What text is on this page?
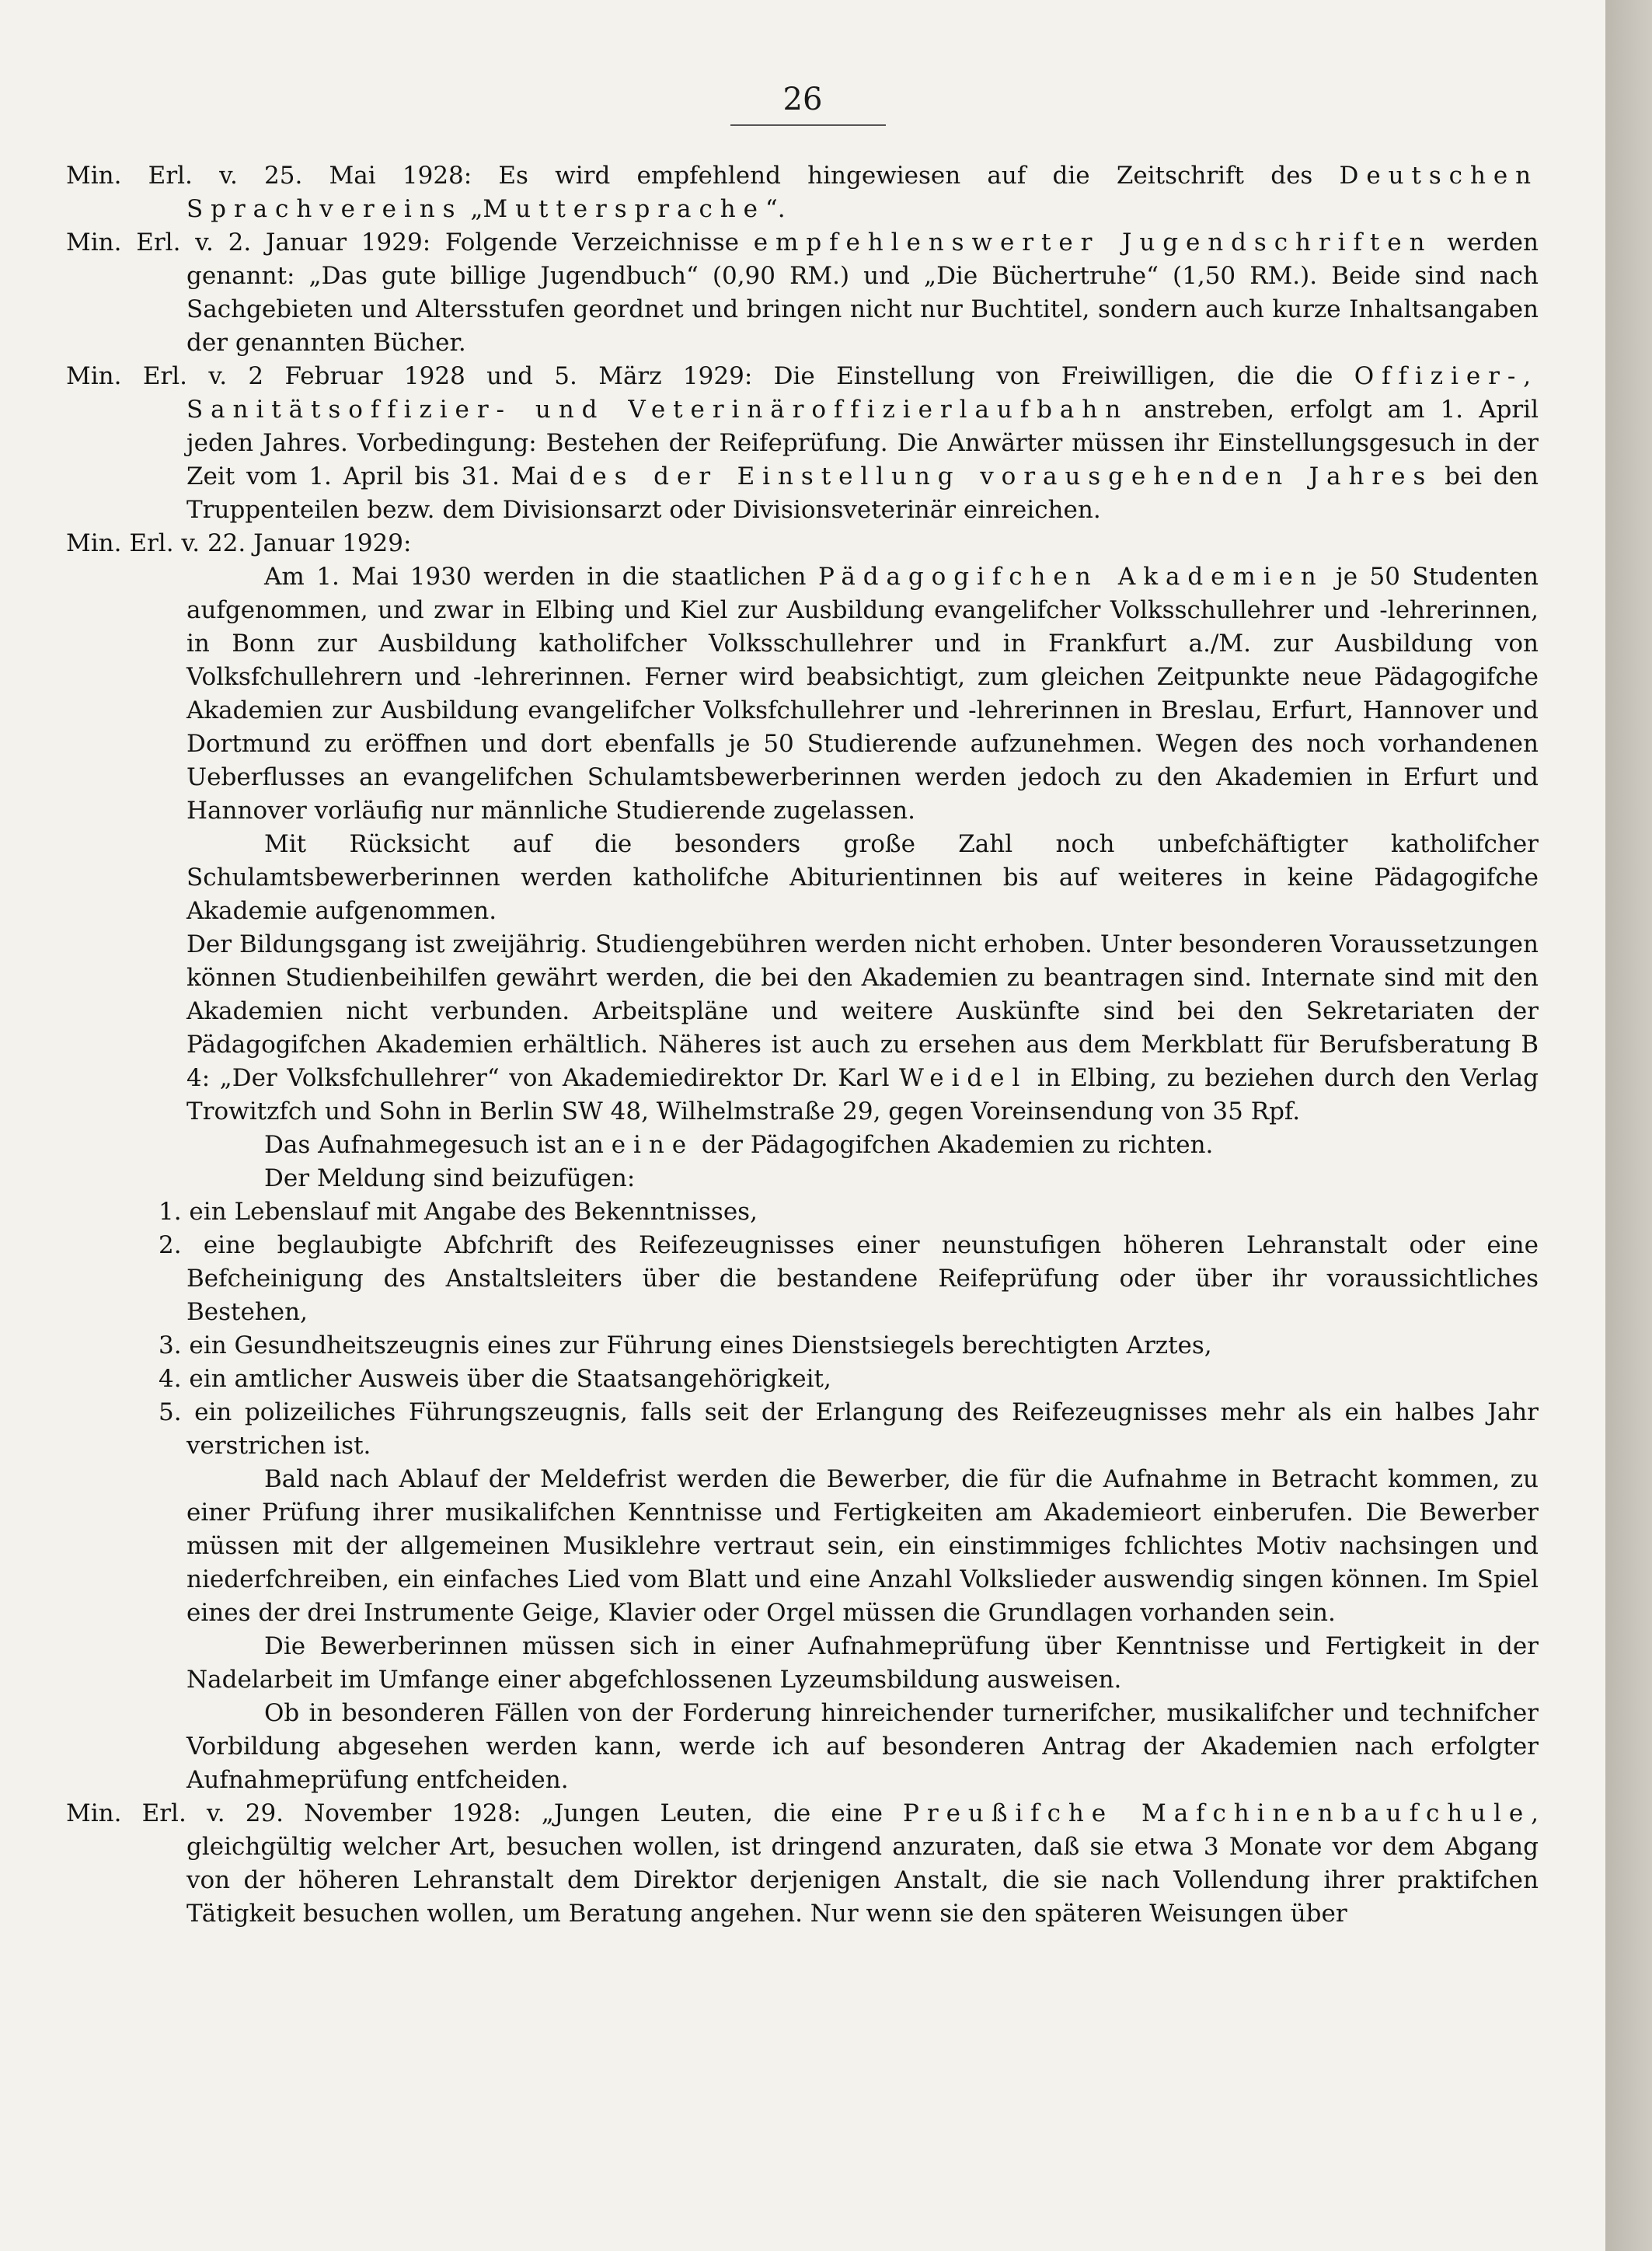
26

Min. Erl. v. 25. Mai 1928: Es wird empfehlend hingewiesen auf die Zeitschrift des Deutschen Sprachvereins „Muttersprache“.

Min. Erl. v. 2. Januar 1929: Folgende Verzeichnisse empfehlenswerter Jugendschriften werden genannt: „Das gute billige Jugendbuch“ (0,90 RM.) und „Die Büchertruhe“ (1,50 RM.). Beide sind nach Sachgebieten und Altersstufen geordnet und bringen nicht nur Buchtitel, sondern auch kurze Inhaltsangaben der genannten Bücher.

Min. Erl. v. 2 Februar 1928 und 5. März 1929: Die Einstellung von Freiwilligen, die die Offizier-, Sanitätsoffizier- und Veterinäroffizierlaufbahn anstreben, erfolgt am 1. April jeden Jahres. Vorbedingung: Bestehen der Reifeprüfung. Die Anwärter müssen ihr Einstellungsgesuch in der Zeit vom 1. April bis 31. Mai des der Einstellung vorausgehenden Jahres bei den Truppenteilen bezw. dem Divisionsarzt oder Divisionsveterinär einreichen.

Min. Erl. v. 22. Januar 1929:

Am 1. Mai 1930 werden in die staatlichen Pädagogifchen Akademien je 50 Studenten aufgenommen, und zwar in Elbing und Kiel zur Ausbildung evangelifcher Volksschullehrer und -lehrerinnen, in Bonn zur Ausbildung katholifcher Volksschullehrer und in Frankfurt a./M. zur Ausbildung von Volksfchullehrern und -lehrerinnen. Ferner wird beabsichtigt, zum gleichen Zeitpunkte neue Pädagogifche Akademien zur Ausbildung evangelifcher Volksfchullehrer und -lehrerinnen in Breslau, Erfurt, Hannover und Dortmund zu eröffnen und dort ebenfalls je 50 Studierende aufzunehmen. Wegen des noch vorhandenen Ueberflusses an evangelifchen Schulamtsbewerberinnen werden jedoch zu den Akademien in Erfurt und Hannover vorläufig nur männliche Studierende zugelassen.

Mit Rücksicht auf die besonders große Zahl noch unbefchäftigter katholifcher Schulamtsbewerberinnen werden katholifche Abiturientinnen bis auf weiteres in keine Pädagogifche Akademie aufgenommen.

Der Bildungsgang ist zweijährig. Studiengebühren werden nicht erhoben. Unter besonderen Voraussetzungen können Studienbeihilfen gewährt werden, die bei den Akademien zu beantragen sind. Internate sind mit den Akademien nicht verbunden. Arbeitspläne und weitere Auskünfte sind bei den Sekretariaten der Pädagogifchen Akademien erhältlich. Näheres ist auch zu ersehen aus dem Merkblatt für Berufsberatung B 4: „Der Volksfchullehrer“ von Akademiedirektor Dr. Karl Weidel in Elbing, zu beziehen durch den Verlag Trowitzfch und Sohn in Berlin SW 48, Wilhelmstraße 29, gegen Voreinsendung von 35 Rpf.

Das Aufnahmegesuch ist an eine der Pädagogifchen Akademien zu richten.

Der Meldung sind beizufügen:

1. ein Lebenslauf mit Angabe des Bekenntnisses,

2. eine beglaubigte Abfchrift des Reifezeugnisses einer neunstufigen höheren Lehranstalt oder eine Befcheinigung des Anstaltsleiters über die bestandene Reifeprüfung oder über ihr voraussichtliches Bestehen,

3. ein Gesundheitszeugnis eines zur Führung eines Dienstsiegels berechtigten Arztes,

4. ein amtlicher Ausweis über die Staatsangehörigkeit,

5. ein polizeiliches Führungszeugnis, falls seit der Erlangung des Reifezeugnisses mehr als ein halbes Jahr verstrichen ist.

Bald nach Ablauf der Meldefrist werden die Bewerber, die für die Aufnahme in Betracht kommen, zu einer Prüfung ihrer musikalifchen Kenntnisse und Fertigkeiten am Akademieort einberufen. Die Bewerber müssen mit der allgemeinen Musiklehre vertraut sein, ein einstimmiges fchlichtes Motiv nachsingen und niederfchreiben, ein einfaches Lied vom Blatt und eine Anzahl Volkslieder auswendig singen können. Im Spiel eines der drei Instrumente Geige, Klavier oder Orgel müssen die Grundlagen vorhanden sein.

Die Bewerberinnen müssen sich in einer Aufnahmeprüfung über Kenntnisse und Fertigkeit in der Nadelarbeit im Umfange einer abgefchlossenen Lyzeumsbildung ausweisen.

Ob in besonderen Fällen von der Forderung hinreichender turnerifcher, musikalifcher und technifcher Vorbildung abgesehen werden kann, werde ich auf besonderen Antrag der Akademien nach erfolgter Aufnahmeprüfung entfcheiden.

Min. Erl. v. 29. November 1928: „Jungen Leuten, die eine Preußifche Mafchinenbaufchule, gleichgültig welcher Art, besuchen wollen, ist dringend anzuraten, daß sie etwa 3 Monate vor dem Abgang von der höheren Lehranstalt dem Direktor derjenigen Anstalt, die sie nach Vollendung ihrer praktifchen Tätigkeit besuchen wollen, um Beratung angehen. Nur wenn sie den späteren Weisungen über
